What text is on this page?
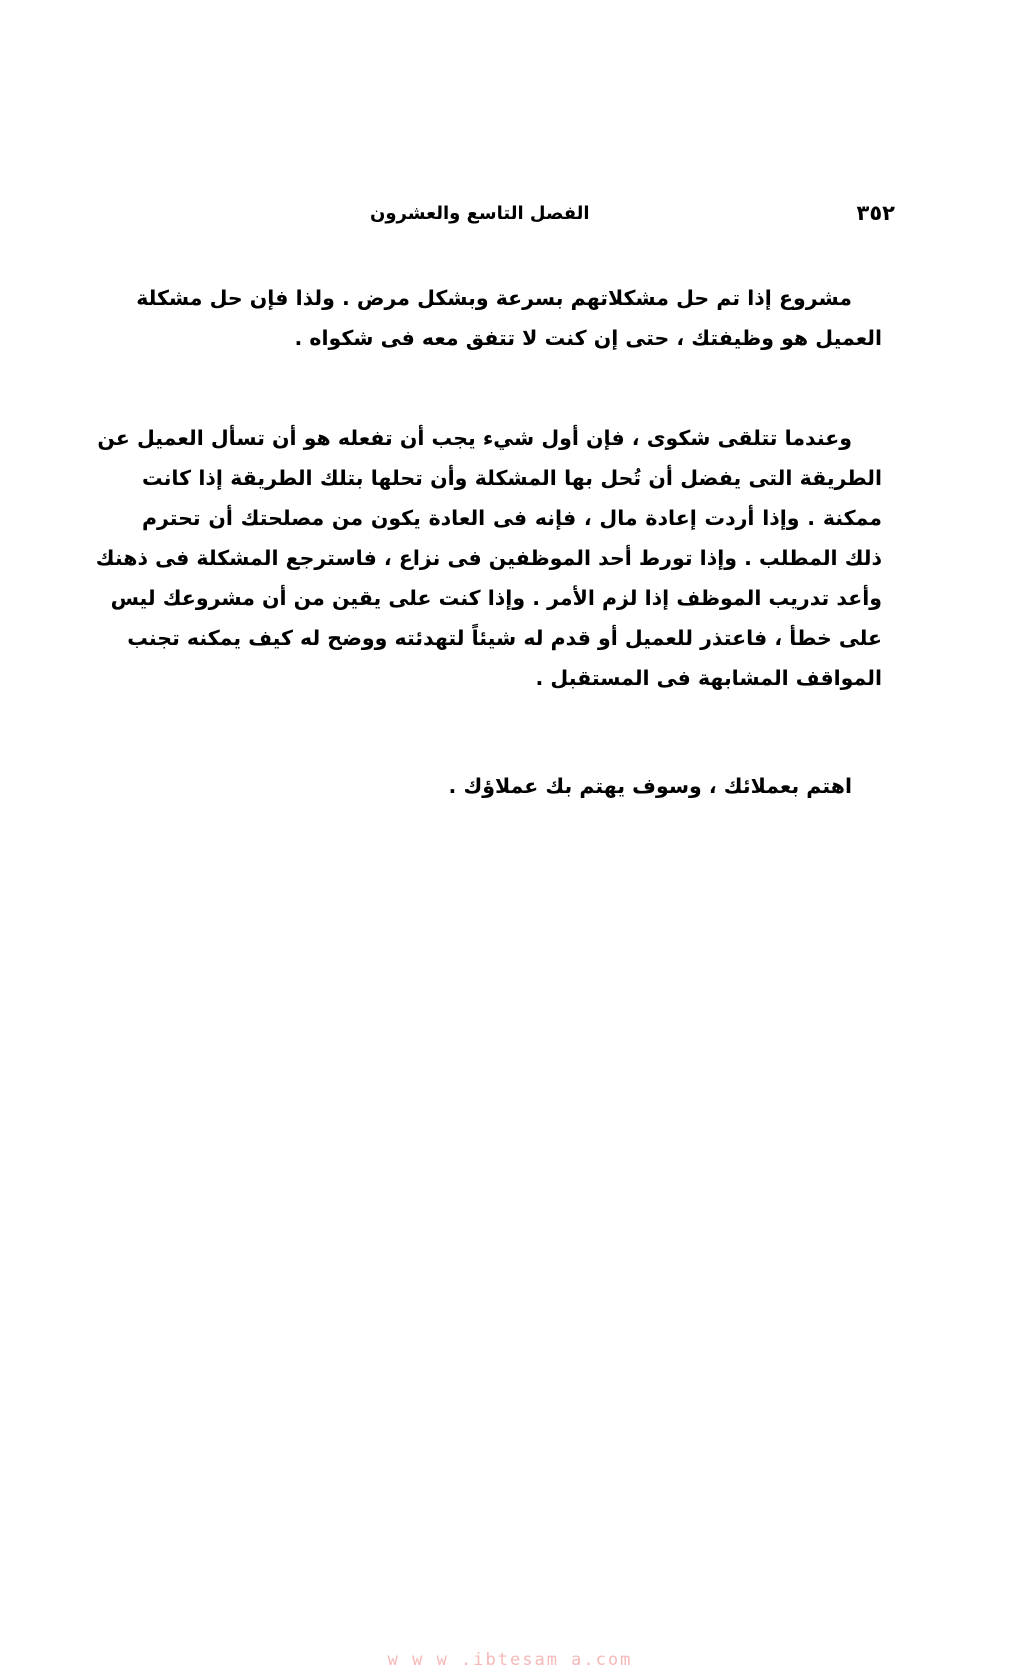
٣٥٢
الفصل التاسع والعشرون
مشروع إذا تم حل مشكلاتهم بسرعة وبشكل مرض . ولذا فإن حل مشكلة
العميل هو وظيفتك ، حتى إن كنت لا تتفق معه فى شكواه .
وعندما تتلقى شكوى ، فإن أول شيء يجب أن تفعله هو أن تسأل العميل عن
الطريقة التى يفضل أن تُحل بها المشكلة وأن تحلها بتلك الطريقة إذا كانت
ممكنة . وإذا أردت إعادة مال ، فإنه فى العادة يكون من مصلحتك أن تحترم
ذلك المطلب . وإذا تورط أحد الموظفين فى نزاع ، فاسترجع المشكلة فى ذهنك
وأعد تدريب الموظف إذا لزم الأمر . وإذا كنت على يقين من أن مشروعك ليس
على خطأ ، فاعتذر للعميل أو قدم له شيئاً لتهدئته ووضح له كيف يمكنه تجنب
المواقف المشابهة فى المستقبل .
اهتم بعملائك ، وسوف يهتم بك عملاؤك .
w w w .ibtesam a.com
